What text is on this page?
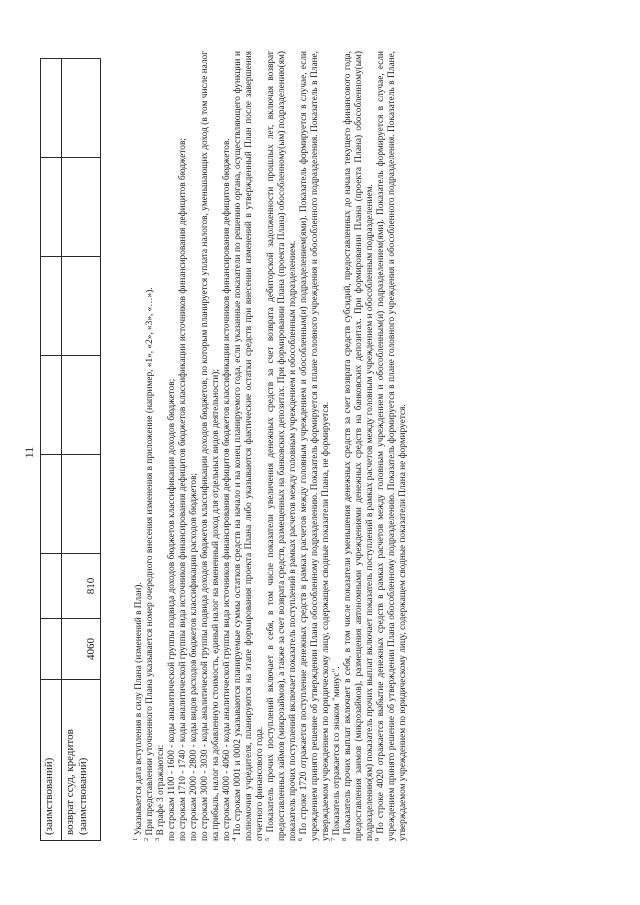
11
(заимствований)							
возврат ссуд, кредитов (заимствований)	4060	810					

$^1$ Указывается дата вступления в силу Плана (изменений в План).

$^2$ При представлении уточненного Плана указывается номер очередного внесения изменения в приложение (например, «1», «2», «3», «…»).

$^3$ В графе 3 отражаются: по строкам 1100 - 1600 - коды аналитической группы подвида доходов бюджетов классификации доходов бюджетов; по строкам 1710 - 1740 - коды аналитической группы вида источников финансирования дефицитов бюджетов классификации источников финансирования дефицитов бюджетов; по строкам 2000 - 2800 - коды видов расходов бюджетов классификации расходов бюджетов; по строкам 3000 - 3030 - коды аналитической группы подвида доходов бюджетов классификации доходов бюджетов, по которым планируется уплата налогов, уменьшающих доход (в том числе налог на прибыль, налог на добавленную стоимость, единый налог на вмененный доход для отдельных видов деятельности); по строкам 4000 - 4060 - коды аналитической группы вида источников финансирования дефицитов бюджетов классификации источников финансирования дефицитов бюджетов.

$^4$ По строкам 0001 и 0002 указываются планируемые суммы остатков средств на начало и на конец планируемого года, если указанные показатели по решению органа, осуществляющего функции и полномочия учредителя, планируются на этапе формирования проекта Плана либо указываются фактические остатки средств при внесении изменений в утвержденный План после завершения отчетного финансового года.

$^5$ Показатель прочих поступлений включает в себя, в том числе показатели увеличения денежных средств за счет возврата дебиторской задолженности прошлых лет, включая возврат предоставленных займов (микрозаймов), а также за счет возврата средств, размещенных на банковских депозитах. При формировании Плана (проекта Плана) обособленному(ым) подразделению(ям) показатель прочих поступлений включает показатель поступлений в рамках расчетов между головным учреждением и обособленным подразделением.

$^6$ По строке 1720 отражается поступление денежных средств в рамках расчетов между головным учреждением и обособленным(и) подразделением(ями). Показатель формируется в случае, если учреждением принято решение об утверждении Плана обособленному подразделению. Показатель формируется в плане головного учреждения и обособленного подразделения. Показатель в Плане, утверждаемом учреждением по юридическому лицу, содержащем сводные показатели Плана, не формируется.

$^7$ Показатель отражается со знаком "минус".

$^8$ Показатель прочих выплат включает в себя, в том числе показатели уменьшения денежных средств за счет возврата средств субсидий, предоставленных до начала текущего финансового года, предоставления заимов (микрозаймов), размещения автономными учреждениями денежных средств на банковских депозитах. При формировании Плана (проекта Плана) обособленному(ым) подразделению(ям) показатель прочих выплат включает показатель поступлений в рамках расчетов между головным учреждением и обособленным подразделением.

$^9$ По строке 4020 отражается выбытие денежных средств в рамках расчетов между головным учреждением и обособленным(и) подразделением(ями). Показатель формируется в случае, если учреждением принято решение об утверждении Плана обособленному подразделению. Показатель формируется в плане головного учреждения и обособленного подразделения. Показатель в Плане, утверждаемом учреждением по юридическому лицу, содержащем сводные показатели Плана не формируется.
